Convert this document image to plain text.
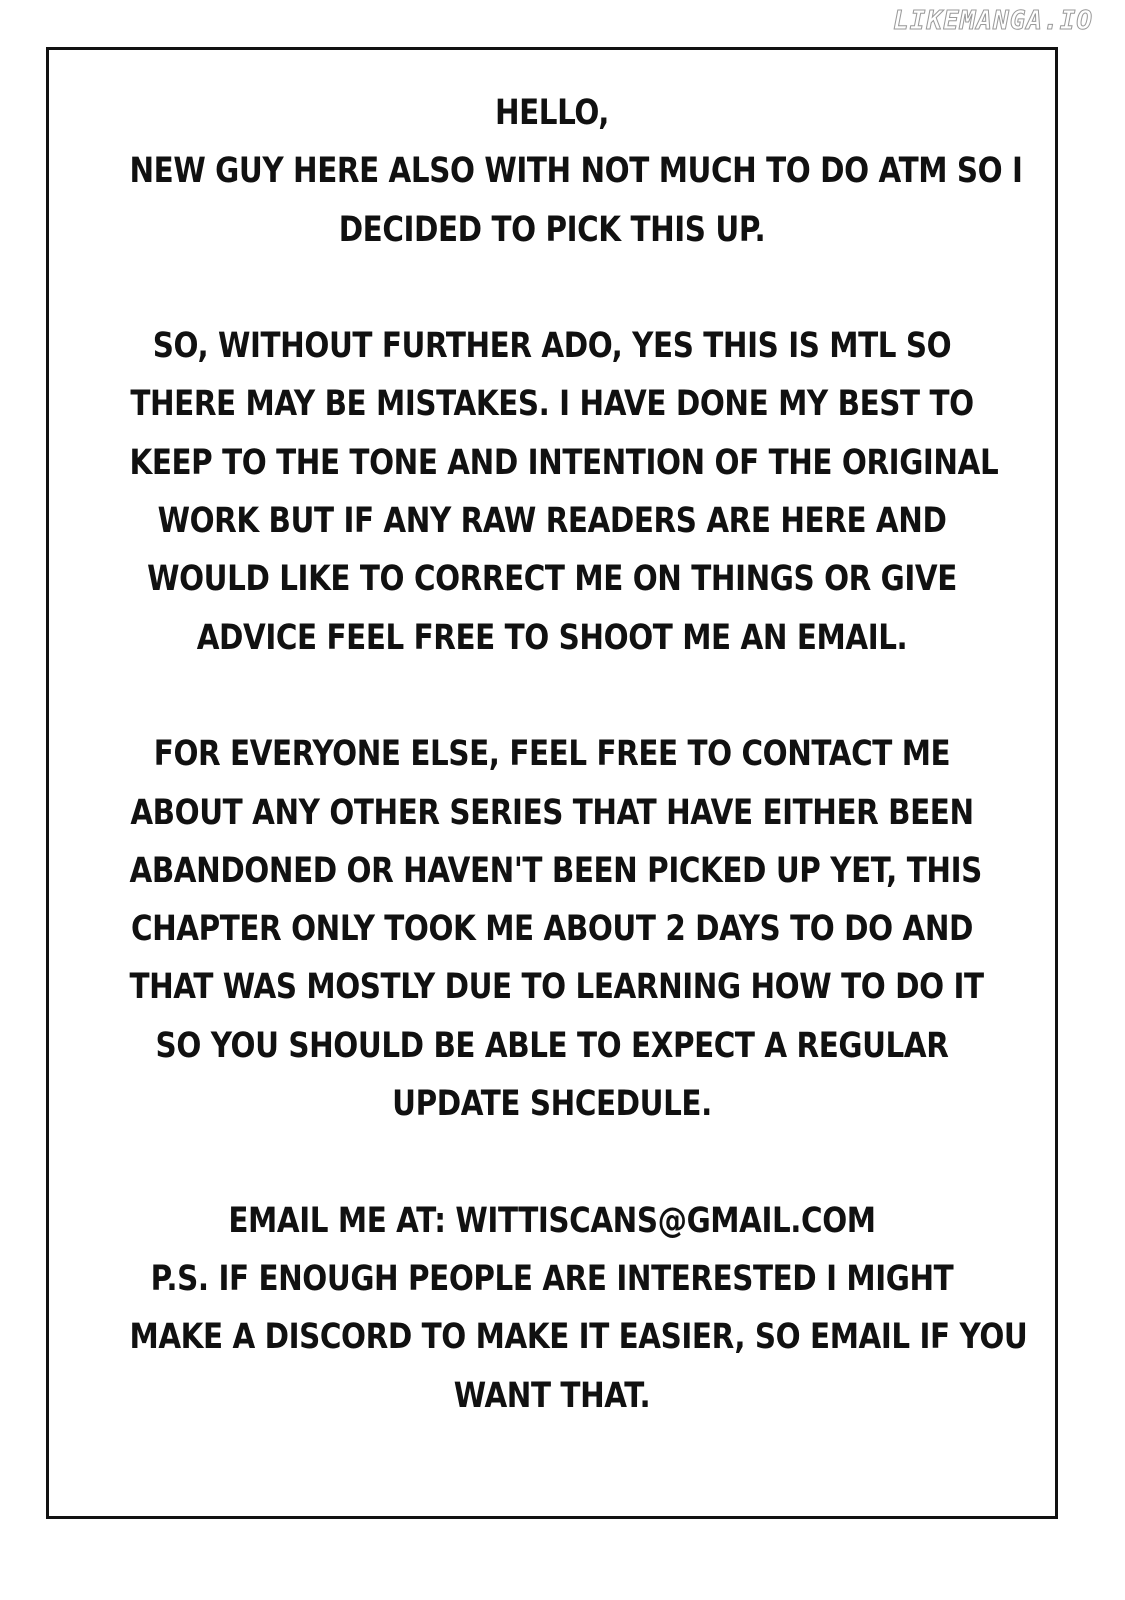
LIKEMANGA.IO

HELLO,
NEW GUY HERE ALSO WITH NOT MUCH TO DO ATM SO I
DECIDED TO PICK THIS UP.

SO, WITHOUT FURTHER ADO, YES THIS IS MTL SO
THERE MAY BE MISTAKES. I HAVE DONE MY BEST TO
KEEP TO THE TONE AND INTENTION OF THE ORIGINAL
WORK BUT IF ANY RAW READERS ARE HERE AND
WOULD LIKE TO CORRECT ME ON THINGS OR GIVE
ADVICE FEEL FREE TO SHOOT ME AN EMAIL.

FOR EVERYONE ELSE, FEEL FREE TO CONTACT ME
ABOUT ANY OTHER SERIES THAT HAVE EITHER BEEN
ABANDONED OR HAVEN'T BEEN PICKED UP YET, THIS
CHAPTER ONLY TOOK ME ABOUT 2 DAYS TO DO AND
THAT WAS MOSTLY DUE TO LEARNING HOW TO DO IT
SO YOU SHOULD BE ABLE TO EXPECT A REGULAR
UPDATE SHCEDULE.

EMAIL ME AT: WITTISCANS@GMAIL.COM
P.S. IF ENOUGH PEOPLE ARE INTERESTED I MIGHT
MAKE A DISCORD TO MAKE IT EASIER, SO EMAIL IF YOU
WANT THAT.
